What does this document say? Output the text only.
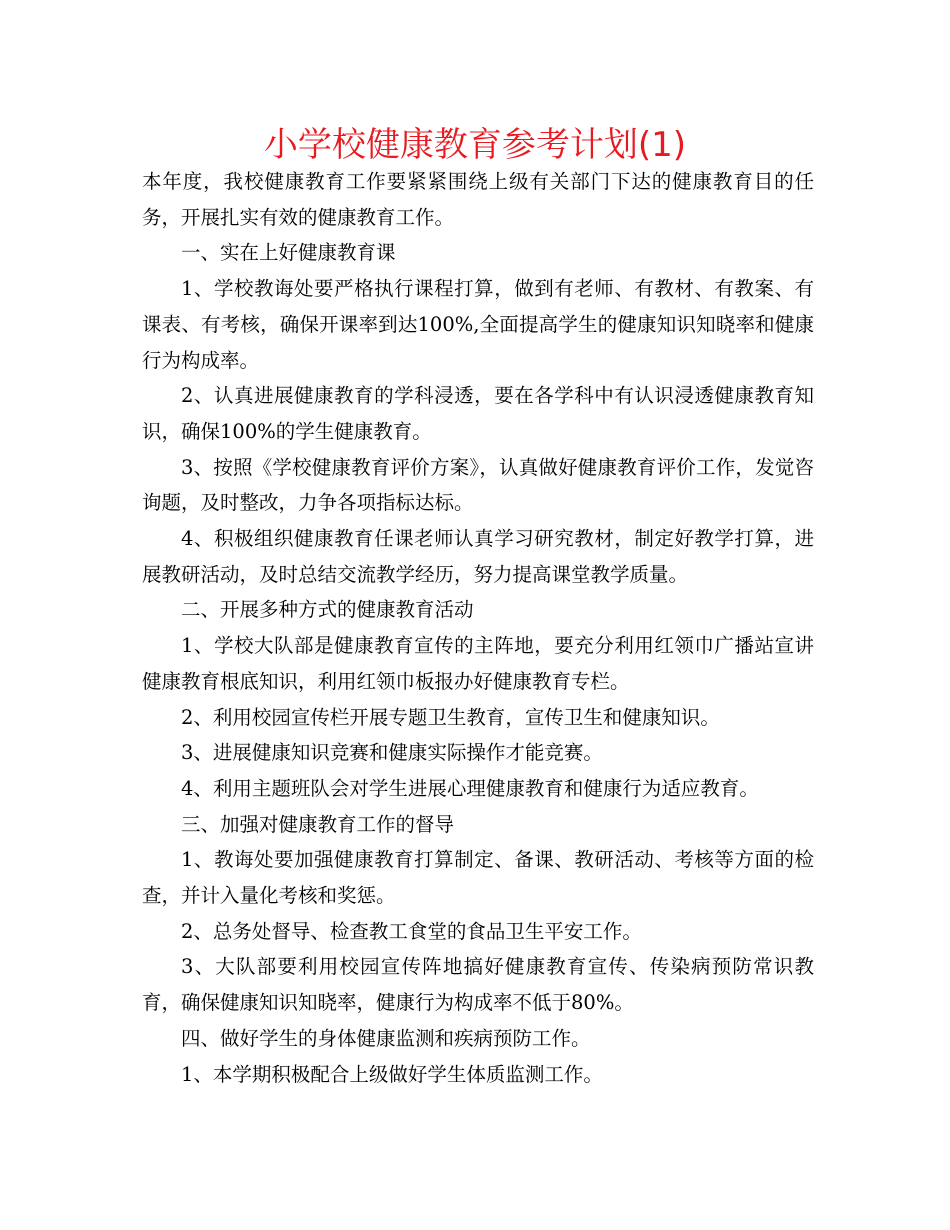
小学校健康教育参考计划(1)

本年度，我校健康教育工作要紧紧围绕上级有关部门下达的健康教育目的任务，开展扎实有效的健康教育工作。

一、实在上好健康教育课

1、学校教诲处要严格执行课程打算，做到有老师、有教材、有教案、有课表、有考核，确保开课率到达100%,全面提高学生的健康知识知晓率和健康行为构成率。

2、认真进展健康教育的学科浸透，要在各学科中有认识浸透健康教育知识，确保100%的学生健康教育。

3、按照《学校健康教育评价方案》，认真做好健康教育评价工作，发觉咨询题，及时整改，力争各项指标达标。

4、积极组织健康教育任课老师认真学习研究教材，制定好教学打算，进展教研活动，及时总结交流教学经历，努力提高课堂教学质量。

二、开展多种方式的健康教育活动

1、学校大队部是健康教育宣传的主阵地，要充分利用红领巾广播站宣讲健康教育根底知识，利用红领巾板报办好健康教育专栏。

2、利用校园宣传栏开展专题卫生教育，宣传卫生和健康知识。

3、进展健康知识竞赛和健康实际操作才能竞赛。

4、利用主题班队会对学生进展心理健康教育和健康行为适应教育。

三、加强对健康教育工作的督导

1、教诲处要加强健康教育打算制定、备课、教研活动、考核等方面的检查，并计入量化考核和奖惩。

2、总务处督导、检查教工食堂的食品卫生平安工作。

3、大队部要利用校园宣传阵地搞好健康教育宣传、传染病预防常识教育，确保健康知识知晓率，健康行为构成率不低于80%。

四、做好学生的身体健康监测和疾病预防工作。

1、本学期积极配合上级做好学生体质监测工作。
